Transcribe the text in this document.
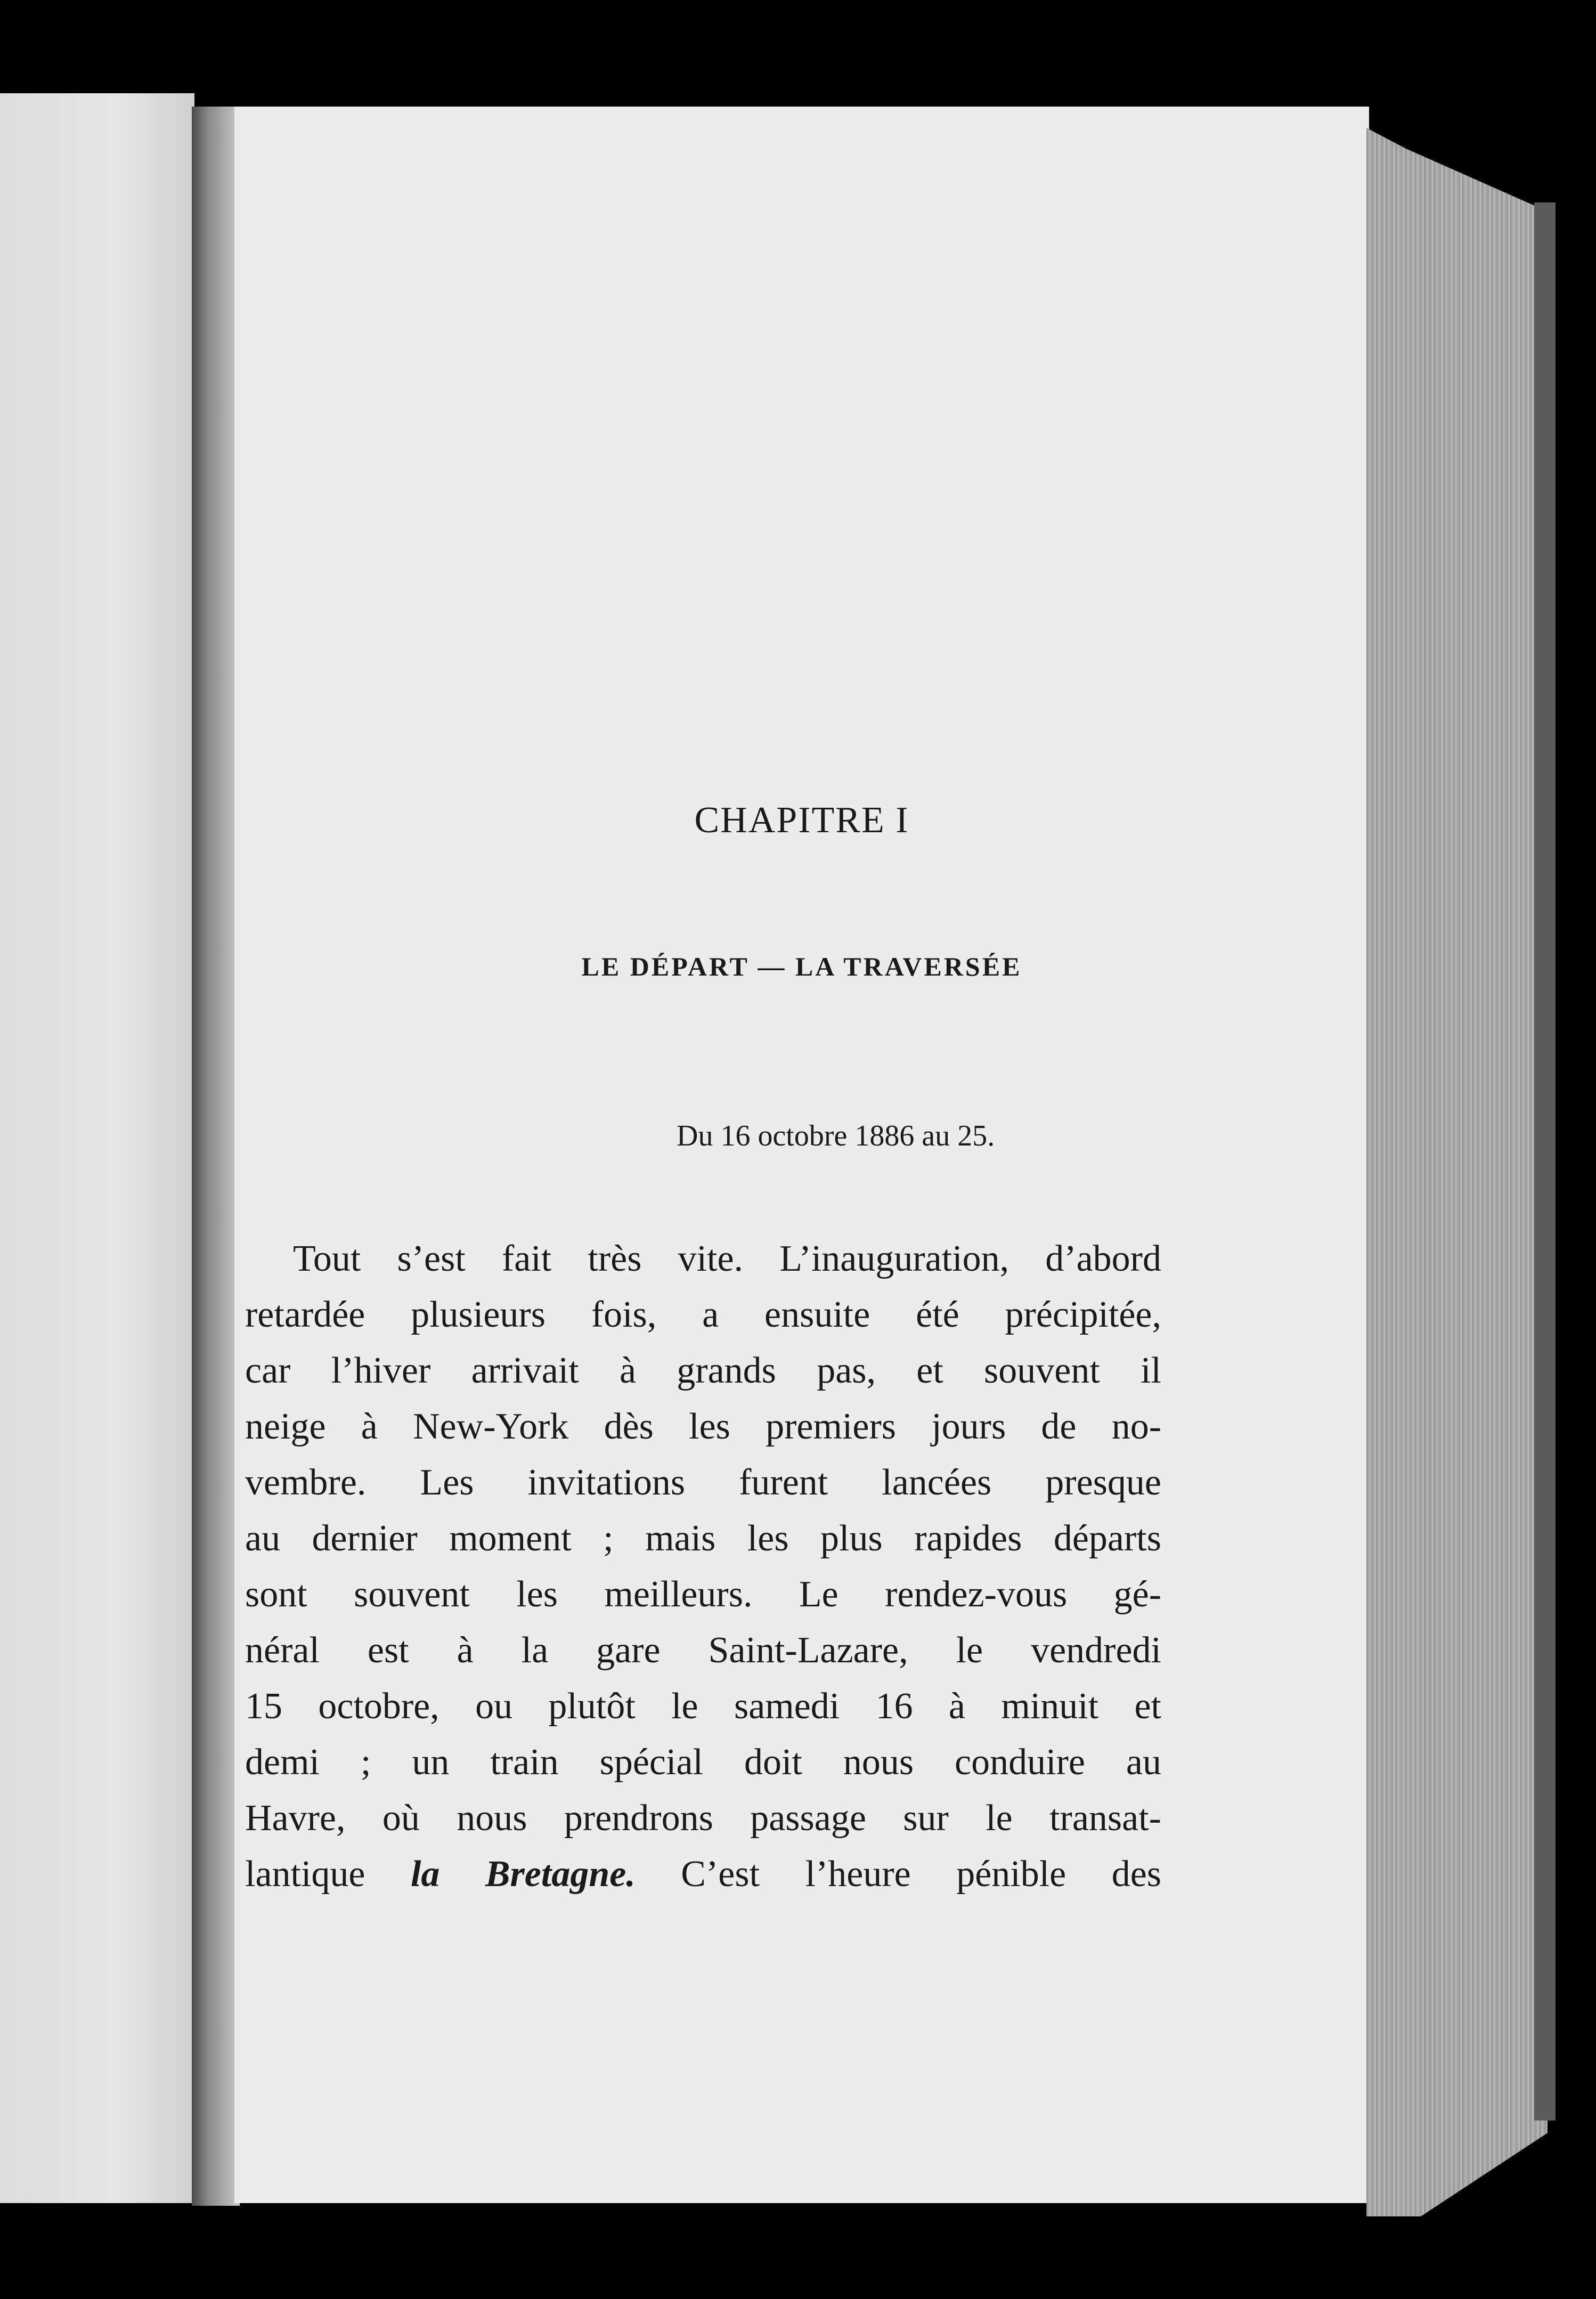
CHAPITRE I
LE DÉPART — LA TRAVERSÉE
Du 16 octobre 1886 au 25.
Tout s’est fait très vite. L’inauguration, d’abord
retardée plusieurs fois, a ensuite été précipitée,
car l’hiver arrivait à grands pas, et souvent il
neige à New-York dès les premiers jours de no-
vembre. Les invitations furent lancées presque
au dernier moment ; mais les plus rapides départs
sont souvent les meilleurs. Le rendez-vous gé-
néral est à la gare Saint-Lazare, le vendredi
15 octobre, ou plutôt le samedi 16 à minuit et
demi ; un train spécial doit nous conduire au
Havre, où nous prendrons passage sur le transat-
lantique la Bretagne. C’est l’heure pénible des
